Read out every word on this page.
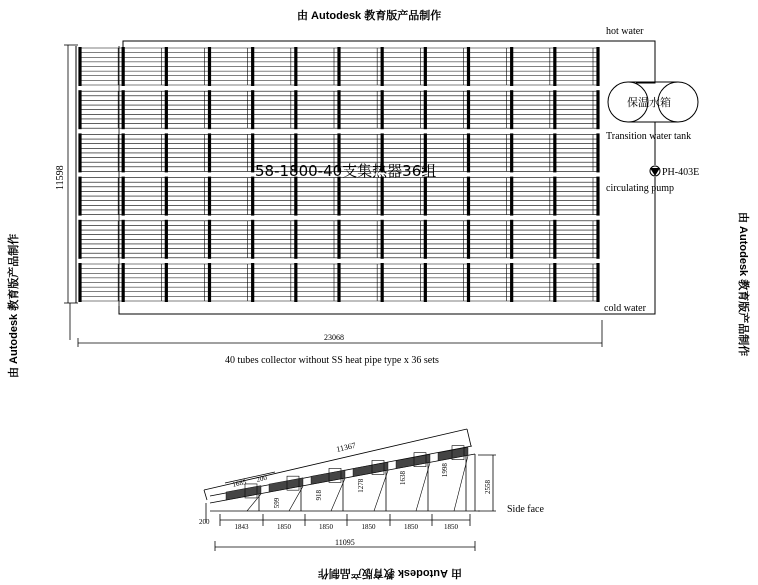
由 Autodesk 教育版产品制作
由 Autodesk 教育版产品制作	由 Autodesk 教育版产品制作
由 Autodesk 教育版产品制作
hot water
保温水箱
Transition water tank
PH-403E
circulating pump
cold water
58-1800-40支集热器36组
11598
23068
40 tubes collector without SS heat pipe type x 36 sets
1843	1850	1850	1850	1850	1850
599
918
1278
1638
1998
11367
1685 200
2558
200
11095
Side face
